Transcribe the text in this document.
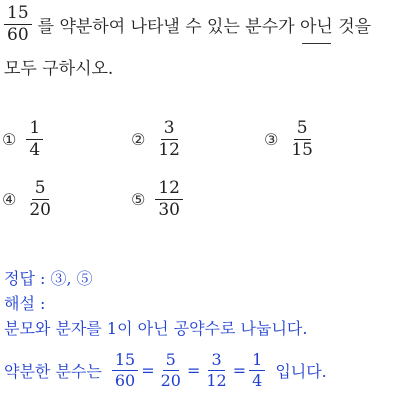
$\frac{15}{60}$ 를 약분하여 나타낼 수 있는 분수가 아닌 것을
모두 구하시오.
① $\frac{1}{4}$	② $\frac{3}{12}$	③ $\frac{5}{15}$
④ $\frac{5}{20}$	⑤ $\frac{12}{30}$
정답 : ③, ⑤
해설 :
분모와 분자를 1이 아닌 공약수로 나눕니다.
약분한 분수는 $\frac{15}{60} = \frac{5}{20} = \frac{3}{12} = \frac{1}{4}$ 입니다.
